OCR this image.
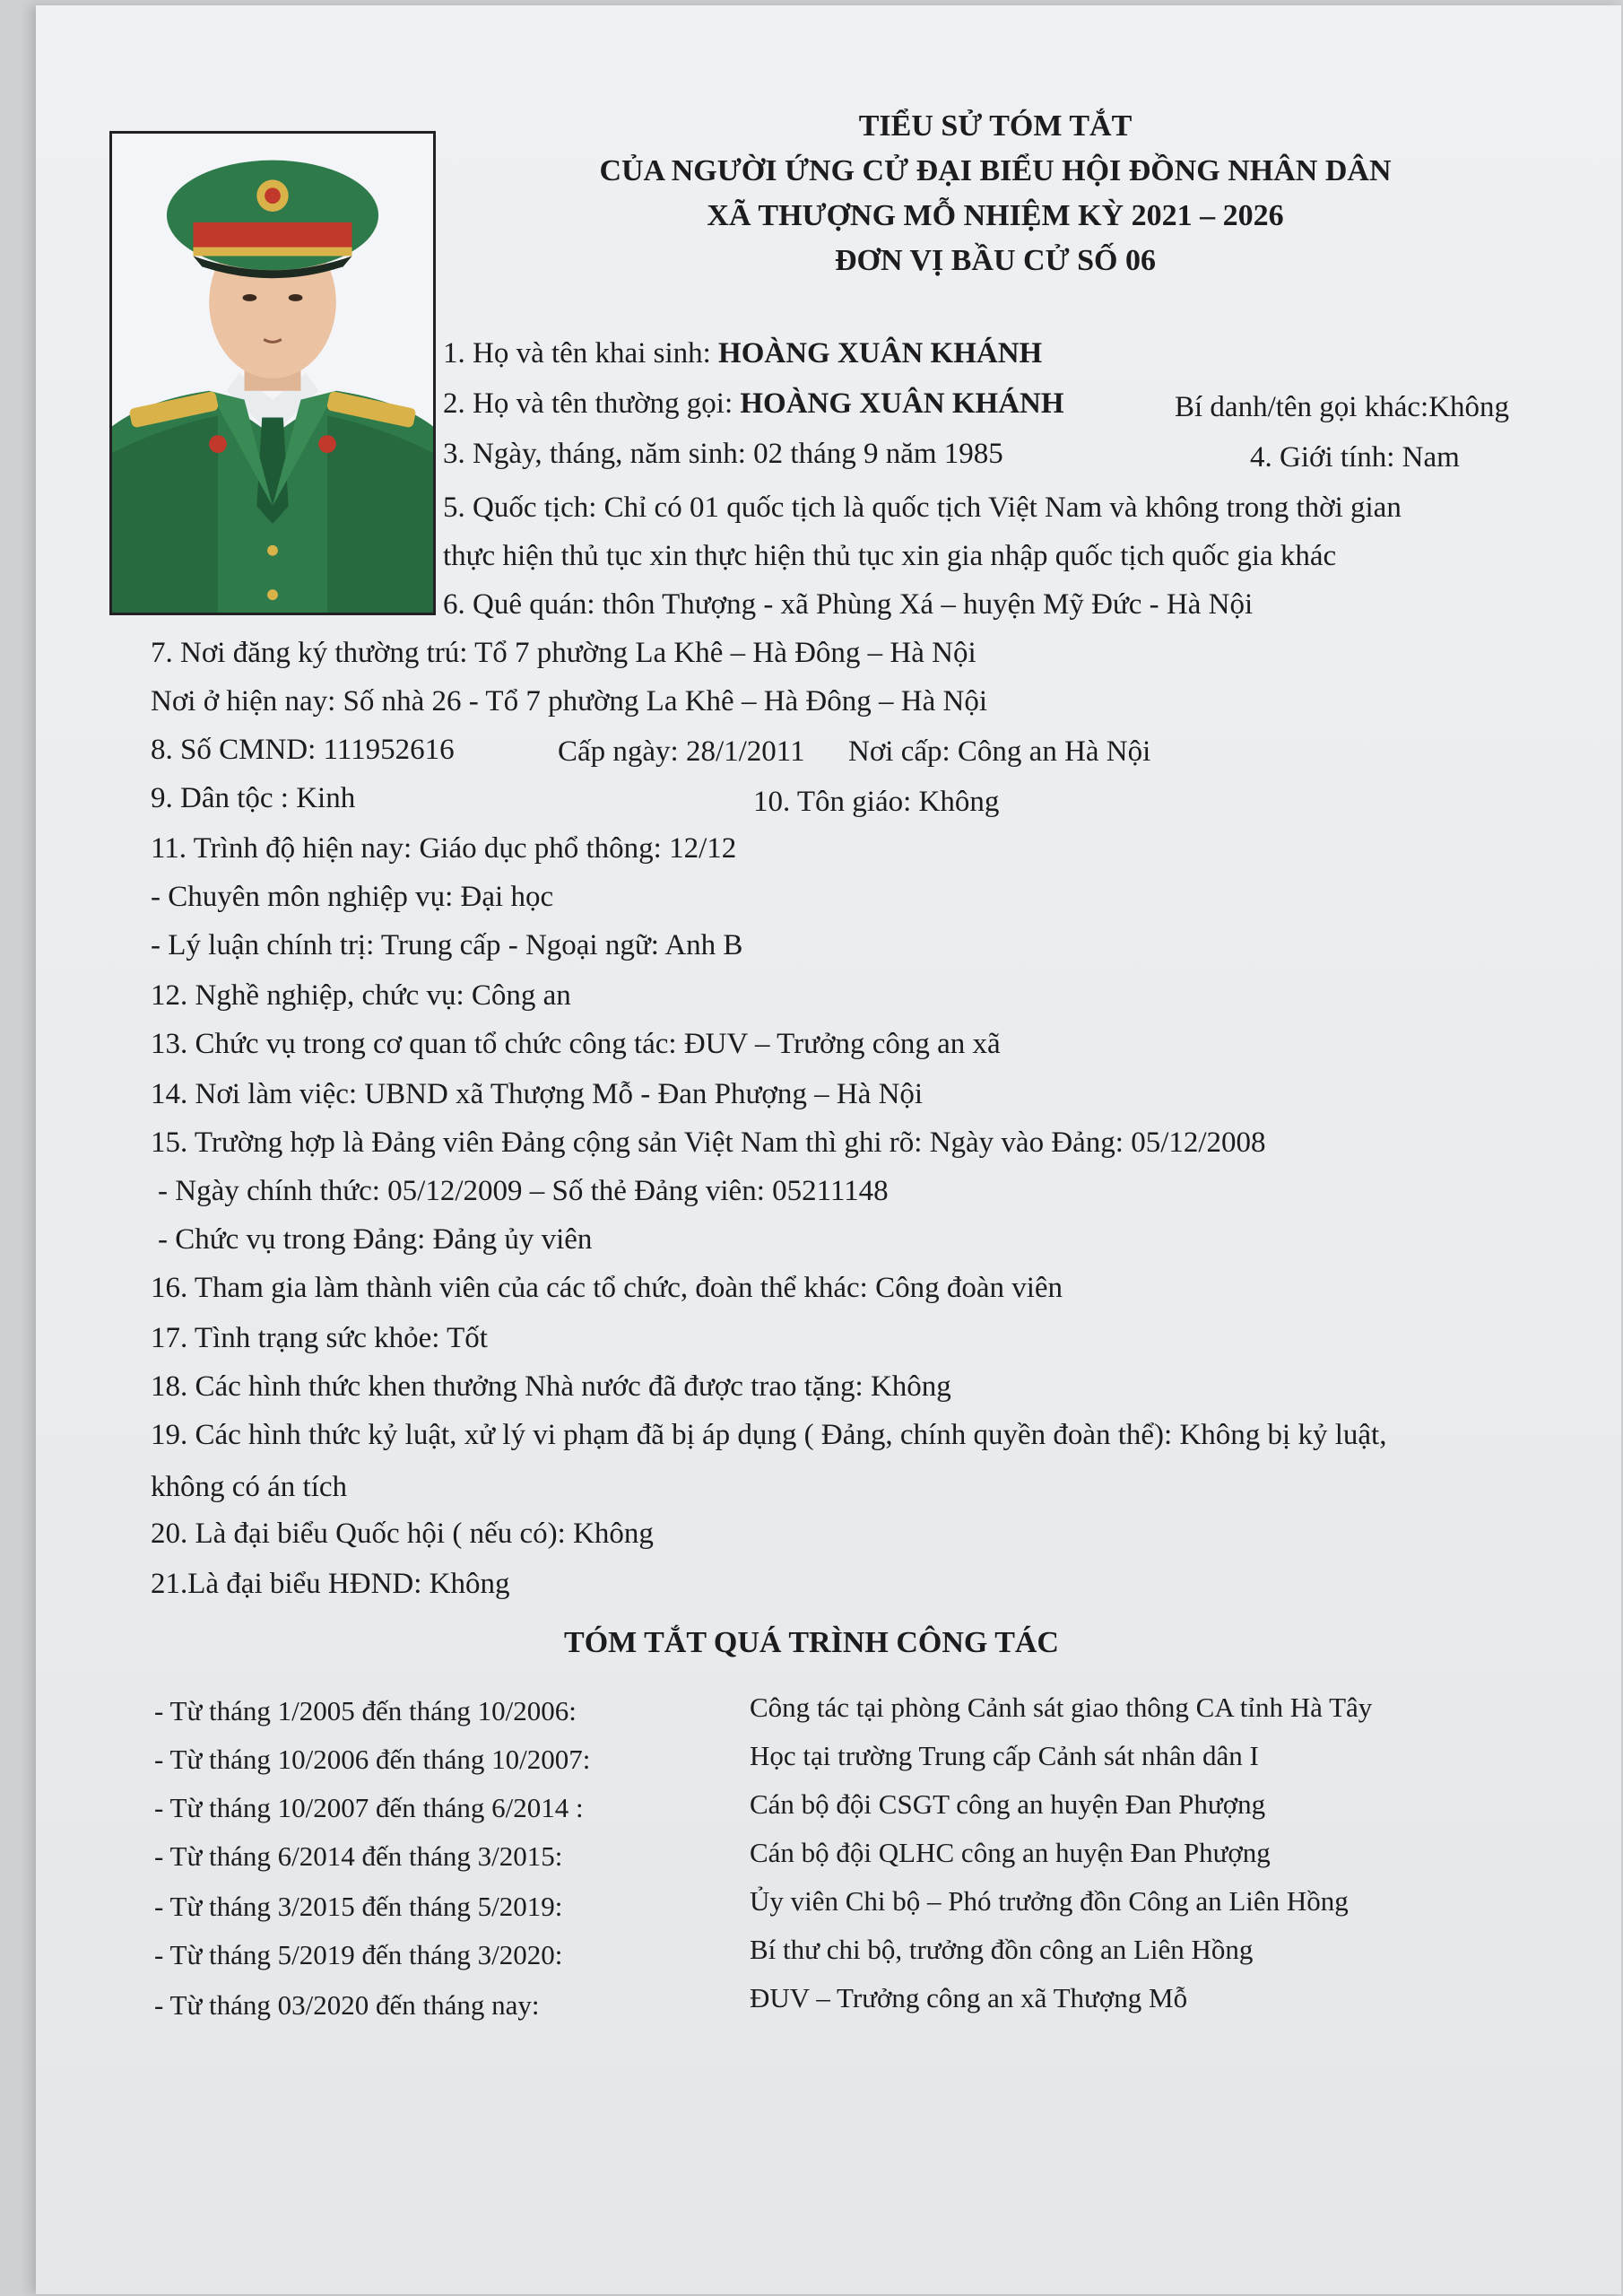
TIỂU SỬ TÓM TẮT
CỦA NGƯỜI ỨNG CỬ ĐẠI BIỂU HỘI ĐỒNG NHÂN DÂN
XÃ THƯỢNG MỖ NHIỆM KỲ 2021 – 2026
ĐƠN VỊ BẦU CỬ SỐ 06
1. Họ và tên khai sinh: HOÀNG XUÂN KHÁNH
2. Họ và tên thường gọi: HOÀNG XUÂN KHÁNH	Bí danh/tên gọi khác:Không
3. Ngày, tháng, năm sinh: 02 tháng 9 năm 1985	4. Giới tính: Nam
5. Quốc tịch: Chỉ có 01 quốc tịch là quốc tịch Việt Nam và không trong thời gian
thực hiện thủ tục xin thực hiện thủ tục xin gia nhập quốc tịch quốc gia khác
6. Quê quán: thôn Thượng - xã Phùng Xá – huyện Mỹ Đức - Hà Nội
7. Nơi đăng ký thường trú: Tổ 7 phường La Khê – Hà Đông – Hà Nội
Nơi ở hiện nay: Số nhà 26 - Tổ 7 phường La Khê – Hà Đông – Hà Nội
8. Số CMND: 111952616	Cấp ngày: 28/1/2011 Nơi cấp: Công an Hà Nội
9. Dân tộc : Kinh	10. Tôn giáo: Không
11. Trình độ hiện nay: Giáo dục phổ thông: 12/12
- Chuyên môn nghiệp vụ: Đại học
- Lý luận chính trị: Trung cấp - Ngoại ngữ: Anh B
12. Nghề nghiệp, chức vụ: Công an
13. Chức vụ trong cơ quan tổ chức công tác: ĐUV – Trưởng công an xã
14. Nơi làm việc: UBND xã Thượng Mỗ - Đan Phượng – Hà Nội
15. Trường hợp là Đảng viên Đảng cộng sản Việt Nam thì ghi rõ: Ngày vào Đảng: 05/12/2008
- Ngày chính thức: 05/12/2009 – Số thẻ Đảng viên: 05211148
- Chức vụ trong Đảng: Đảng ủy viên
16. Tham gia làm thành viên của các tổ chức, đoàn thể khác: Công đoàn viên
17. Tình trạng sức khỏe: Tốt
18. Các hình thức khen thưởng Nhà nước đã được trao tặng: Không
19. Các hình thức kỷ luật, xử lý vi phạm đã bị áp dụng ( Đảng, chính quyền đoàn thể): Không bị kỷ luật,
không có án tích
20. Là đại biểu Quốc hội ( nếu có): Không
21.Là đại biểu HĐND: Không
TÓM TẮT QUÁ TRÌNH CÔNG TÁC
- Từ tháng 1/2005 đến tháng 10/2006:	Công tác tại phòng Cảnh sát giao thông CA tỉnh Hà Tây
- Từ tháng 10/2006 đến tháng 10/2007:	Học tại trường Trung cấp Cảnh sát nhân dân I
- Từ tháng 10/2007 đến tháng 6/2014 :	Cán bộ đội CSGT công an huyện Đan Phượng
- Từ tháng 6/2014 đến tháng 3/2015:	Cán bộ đội QLHC công an huyện Đan Phượng
- Từ tháng 3/2015 đến tháng 5/2019:	Ủy viên Chi bộ – Phó trưởng đồn Công an Liên Hồng
- Từ tháng 5/2019 đến tháng 3/2020:	Bí thư chi bộ, trưởng đồn công an Liên Hồng
- Từ tháng 03/2020 đến tháng nay:	ĐUV – Trưởng công an xã Thượng Mỗ
